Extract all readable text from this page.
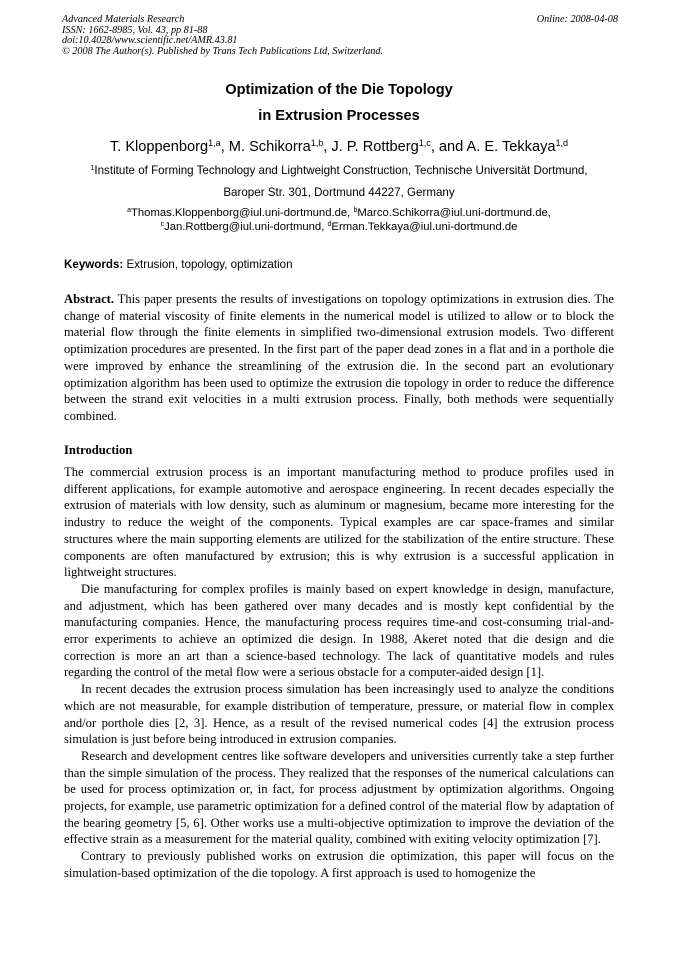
Advanced Materials Research
ISSN: 1662-8985, Vol. 43, pp 81-88
doi:10.4028/www.scientific.net/AMR.43.81
© 2008 The Author(s). Published by Trans Tech Publications Ltd, Switzerland.
Online: 2008-04-08
Optimization of the Die Topology
in Extrusion Processes
T. Kloppenborg$^{1,a}$, M. Schikorra$^{1,b}$, J. P. Rottberg$^{1,c}$, and A. E. Tekkaya$^{1,d}$
$^1$Institute of Forming Technology and Lightweight Construction, Technische Universität Dortmund,
Baroper Str. 301, Dortmund 44227, Germany
$^a$Thomas.Kloppenborg@iul.uni-dortmund.de, $^b$Marco.Schikorra@iul.uni-dortmund.de,
$^c$Jan.Rottberg@iul.uni-dortmund, $^d$Erman.Tekkaya@iul.uni-dortmund.de
Keywords: Extrusion, topology, optimization

Abstract. This paper presents the results of investigations on topology optimizations in extrusion dies. The change of material viscosity of finite elements in the numerical model is utilized to allow or to block the material flow through the finite elements in simplified two-dimensional extrusion models. Two different optimization procedures are presented. In the first part of the paper dead zones in a flat and in a porthole die were improved by enhance the streamlining of the extrusion die. In the second part an evolutionary optimization algorithm has been used to optimize the extrusion die topology in order to reduce the difference between the strand exit velocities in a multi extrusion process. Finally, both methods were sequentially combined.

Introduction

The commercial extrusion process is an important manufacturing method to produce profiles used in different applications, for example automotive and aerospace engineering. In recent decades especially the extrusion of materials with low density, such as aluminum or magnesium, became more interesting for the industry to reduce the weight of the components. Typical examples are car space-frames and similar structures where the main supporting elements are utilized for the stabilization of the entire structure. These components are often manufactured by extrusion; this is why extrusion is a successful application in lightweight structures.

Die manufacturing for complex profiles is mainly based on expert knowledge in design, manufacture, and adjustment, which has been gathered over many decades and is mostly kept confidential by the manufacturing companies. Hence, the manufacturing process requires time-and cost-consuming trial-and-error experiments to achieve an optimized die design. In 1988, Akeret noted that die design and die correction is more an art than a science-based technology. The lack of quantitative models and rules regarding the control of the metal flow were a serious obstacle for a computer-aided design [1].

In recent decades the extrusion process simulation has been increasingly used to analyze the conditions which are not measurable, for example distribution of temperature, pressure, or material flow in complex and/or porthole dies [2, 3]. Hence, as a result of the revised numerical codes [4] the extrusion process simulation is just before being introduced in extrusion companies.

Research and development centres like software developers and universities currently take a step further than the simple simulation of the process. They realized that the responses of the numerical calculations can be used for process optimization or, in fact, for process adjustment by optimization algorithms. Ongoing projects, for example, use parametric optimization for a defined control of the material flow by adaptation of the bearing geometry [5, 6]. Other works use a multi-objective optimization to improve the deviation of the effective strain as a measurement for the material quality, combined with exiting velocity optimization [7].

Contrary to previously published works on extrusion die optimization, this paper will focus on the simulation-based optimization of the die topology. A first approach is used to homogenize the
